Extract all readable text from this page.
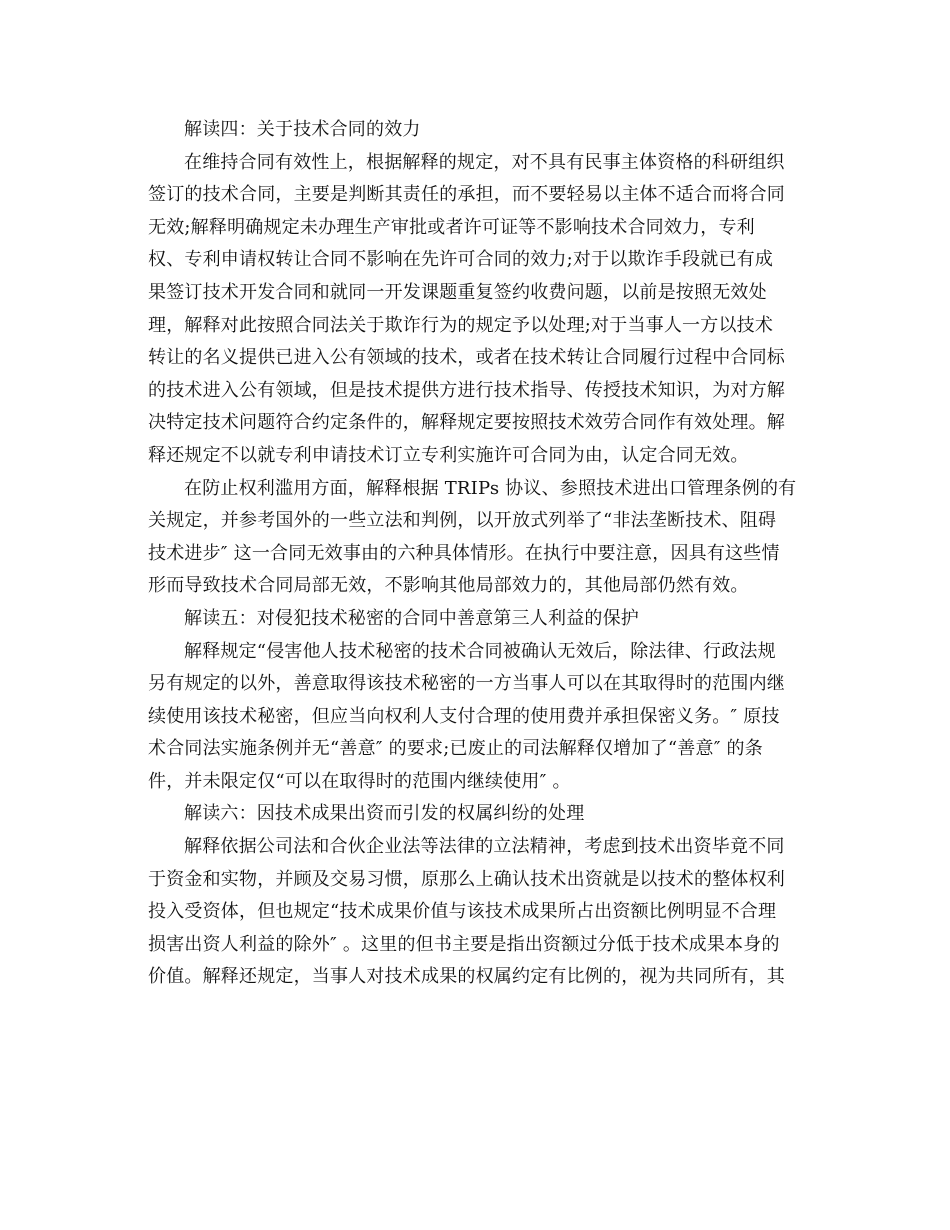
解读四：关于技术合同的效力
在维持合同有效性上，根据解释的规定，对不具有民事主体资格的科研组织
签订的技术合同，主要是判断其责任的承担，而不要轻易以主体不适合而将合同
无效;解释明确规定未办理生产审批或者许可证等不影响技术合同效力，专利
权、专利申请权转让合同不影响在先许可合同的效力;对于以欺诈手段就已有成
果签订技术开发合同和就同一开发课题重复签约收费问题，以前是按照无效处
理，解释对此按照合同法关于欺诈行为的规定予以处理;对于当事人一方以技术
转让的名义提供已进入公有领域的技术，或者在技术转让合同履行过程中合同标
的技术进入公有领域，但是技术提供方进行技术指导、传授技术知识，为对方解
决特定技术问题符合约定条件的，解释规定要按照技术效劳合同作有效处理。解
释还规定不以就专利申请技术订立专利实施许可合同为由，认定合同无效。
在防止权利滥用方面，解释根据 TRIPs 协议、参照技术进出口管理条例的有
关规定，并参考国外的一些立法和判例，以开放式列举了“非法垄断技术、阻碍
技术进步″ 这一合同无效事由的六种具体情形。在执行中要注意，因具有这些情
形而导致技术合同局部无效，不影响其他局部效力的，其他局部仍然有效。
解读五：对侵犯技术秘密的合同中善意第三人利益的保护
解释规定“侵害他人技术秘密的技术合同被确认无效后，除法律、行政法规
另有规定的以外，善意取得该技术秘密的一方当事人可以在其取得时的范围内继
续使用该技术秘密，但应当向权利人支付合理的使用费并承担保密义务。″ 原技
术合同法实施条例并无“善意″ 的要求;已废止的司法解释仅增加了“善意″ 的条
件，并未限定仅“可以在取得时的范围内继续使用″ 。
解读六：因技术成果出资而引发的权属纠纷的处理
解释依据公司法和合伙企业法等法律的立法精神，考虑到技术出资毕竟不同
于资金和实物，并顾及交易习惯，原那么上确认技术出资就是以技术的整体权利
投入受资体，但也规定“技术成果价值与该技术成果所占出资额比例明显不合理
损害出资人利益的除外″ 。这里的但书主要是指出资额过分低于技术成果本身的
价值。解释还规定，当事人对技术成果的权属约定有比例的，视为共同所有，其
